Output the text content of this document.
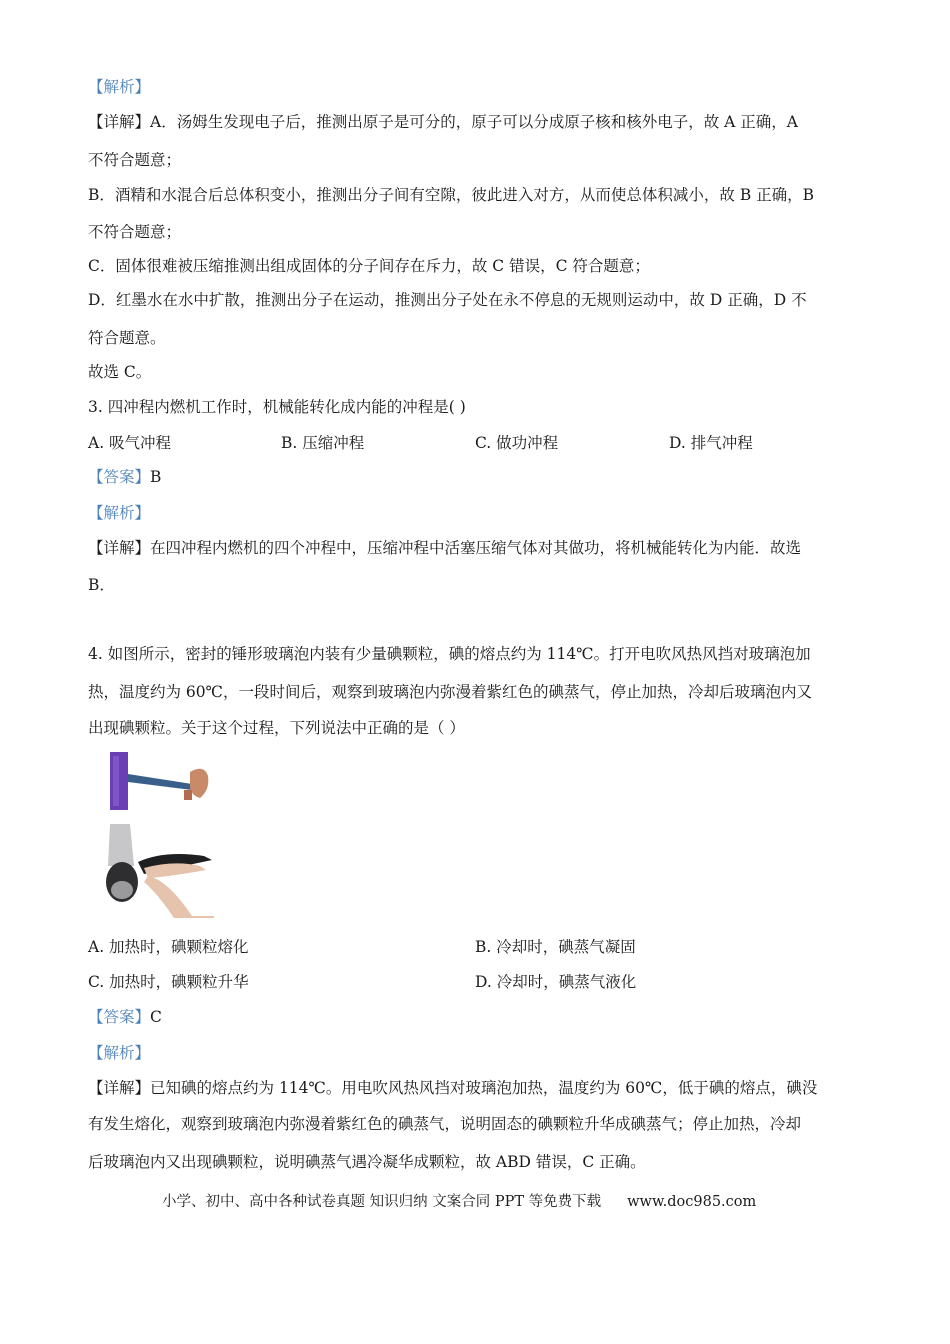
【解析】
【详解】A．汤姆生发现电子后，推测出原子是可分的，原子可以分成原子核和核外电子，故 A 正确，A
不符合题意；
B．酒精和水混合后总体积变小，推测出分子间有空隙，彼此进入对方，从而使总体积减小，故 B 正确，B
不符合题意；
C．固体很难被压缩推测出组成固体的分子间存在斥力，故 C 错误，C 符合题意；
D．红墨水在水中扩散，推测出分子在运动，推测出分子处在永不停息的无规则运动中，故 D 正确，D 不
符合题意。
故选 C。
3. 四冲程内燃机工作时，机械能转化成内能的冲程是( )
A. 吸气冲程	B. 压缩冲程	C. 做功冲程	D. 排气冲程
【答案】B
【解析】
【详解】在四冲程内燃机的四个冲程中，压缩冲程中活塞压缩气体对其做功，将机械能转化为内能．故选
B．
4. 如图所示，密封的锤形玻璃泡内装有少量碘颗粒，碘的熔点约为 114℃。打开电吹风热风挡对玻璃泡加
热，温度约为 60℃，一段时间后，观察到玻璃泡内弥漫着紫红色的碘蒸气，停止加热，冷却后玻璃泡内又
出现碘颗粒。关于这个过程，下列说法中正确的是（ ）
A. 加热时，碘颗粒熔化	B. 冷却时，碘蒸气凝固
C. 加热时，碘颗粒升华	D. 冷却时，碘蒸气液化
【答案】C
【解析】
【详解】已知碘的熔点约为 114℃。用电吹风热风挡对玻璃泡加热，温度约为 60℃，低于碘的熔点，碘没
有发生熔化，观察到玻璃泡内弥漫着紫红色的碘蒸气，说明固态的碘颗粒升华成碘蒸气；停止加热，冷却
后玻璃泡内又出现碘颗粒，说明碘蒸气遇冷凝华成颗粒，故 ABD 错误，C 正确。
小学、初中、高中各种试卷真题 知识归纳 文案合同 PPT 等免费下载 www.doc985.com
